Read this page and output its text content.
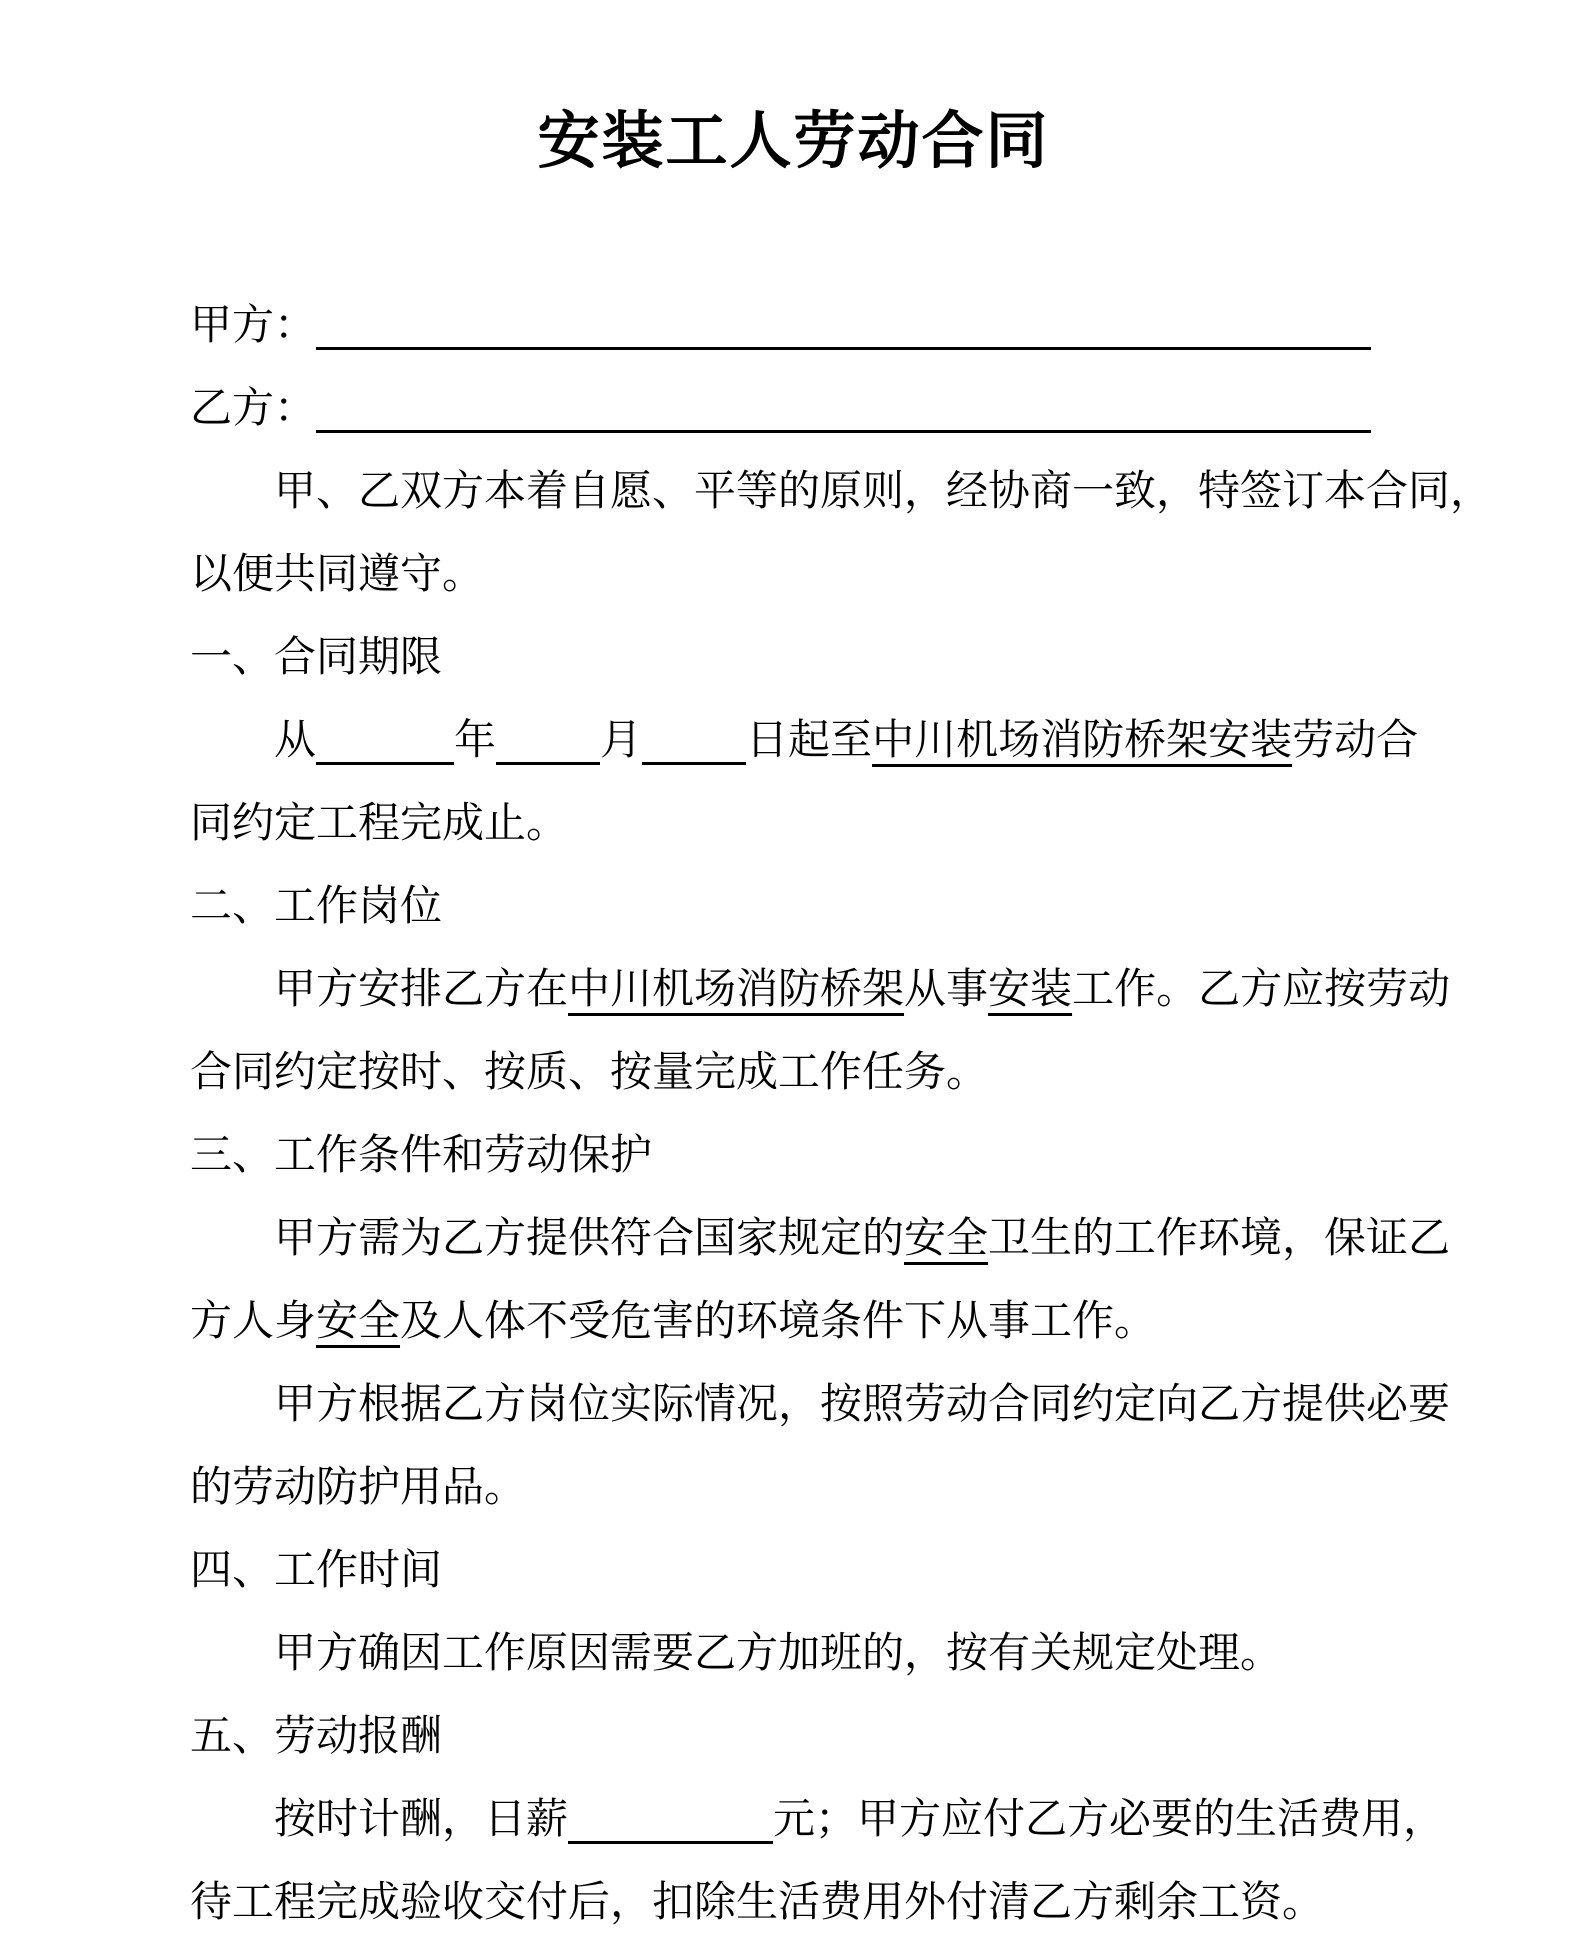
安装工人劳动合同
甲方：
乙方：
甲、乙双方本着自愿、平等的原则，经协商一致，特签订本合同，
以便共同遵守。
一、合同期限
从	年 月 日起至中川机场消防桥架安装劳动合
同约定工程完成止。
二、工作岗位
甲方安排乙方在中川机场消防桥架从事安装工作。乙方应按劳动
合同约定按时、按质、按量完成工作任务。
三、工作条件和劳动保护
甲方需为乙方提供符合国家规定的安全卫生的工作环境，保证乙
方人身安全及人体不受危害的环境条件下从事工作。
甲方根据乙方岗位实际情况，按照劳动合同约定向乙方提供必要
的劳动防护用品。
四、工作时间
甲方确因工作原因需要乙方加班的，按有关规定处理。
五、劳动报酬
按时计酬，日薪	元；甲方应付乙方必要的生活费用，
待工程完成验收交付后，扣除生活费用外付清乙方剩余工资。
